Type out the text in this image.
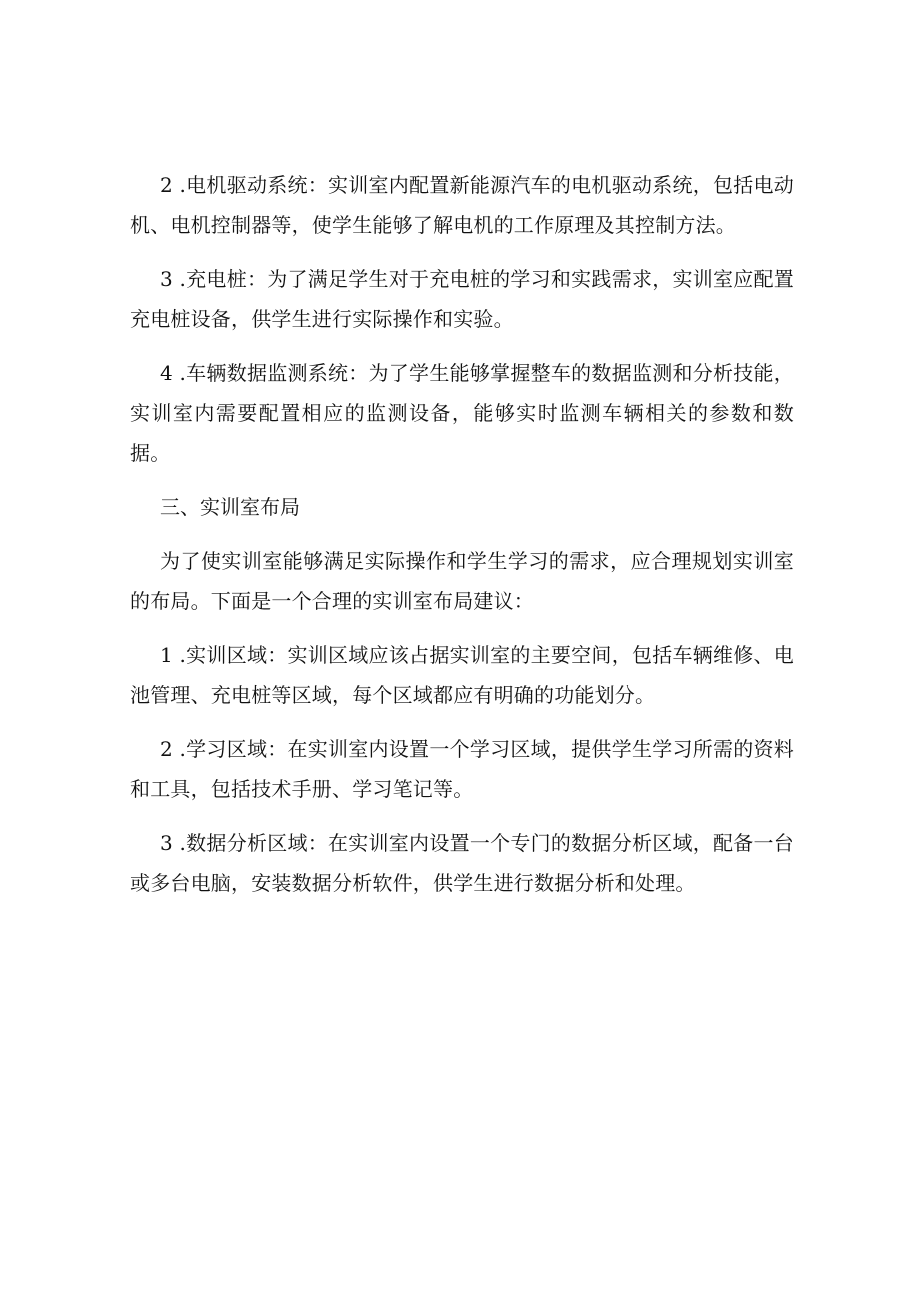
2 .电机驱动系统：实训室内配置新能源汽车的电机驱动系统，包括电动机、电机控制器等，使学生能够了解电机的工作原理及其控制方法。

3 .充电桩：为了满足学生对于充电桩的学习和实践需求，实训室应配置充电桩设备，供学生进行实际操作和实验。

4 .车辆数据监测系统：为了学生能够掌握整车的数据监测和分析技能，实训室内需要配置相应的监测设备，能够实时监测车辆相关的参数和数据。

三、实训室布局

为了使实训室能够满足实际操作和学生学习的需求，应合理规划实训室的布局。下面是一个合理的实训室布局建议：

1 .实训区域：实训区域应该占据实训室的主要空间，包括车辆维修、电池管理、充电桩等区域，每个区域都应有明确的功能划分。

2 .学习区域：在实训室内设置一个学习区域，提供学生学习所需的资料和工具，包括技术手册、学习笔记等。

3 .数据分析区域：在实训室内设置一个专门的数据分析区域，配备一台或多台电脑，安装数据分析软件，供学生进行数据分析和处理。
